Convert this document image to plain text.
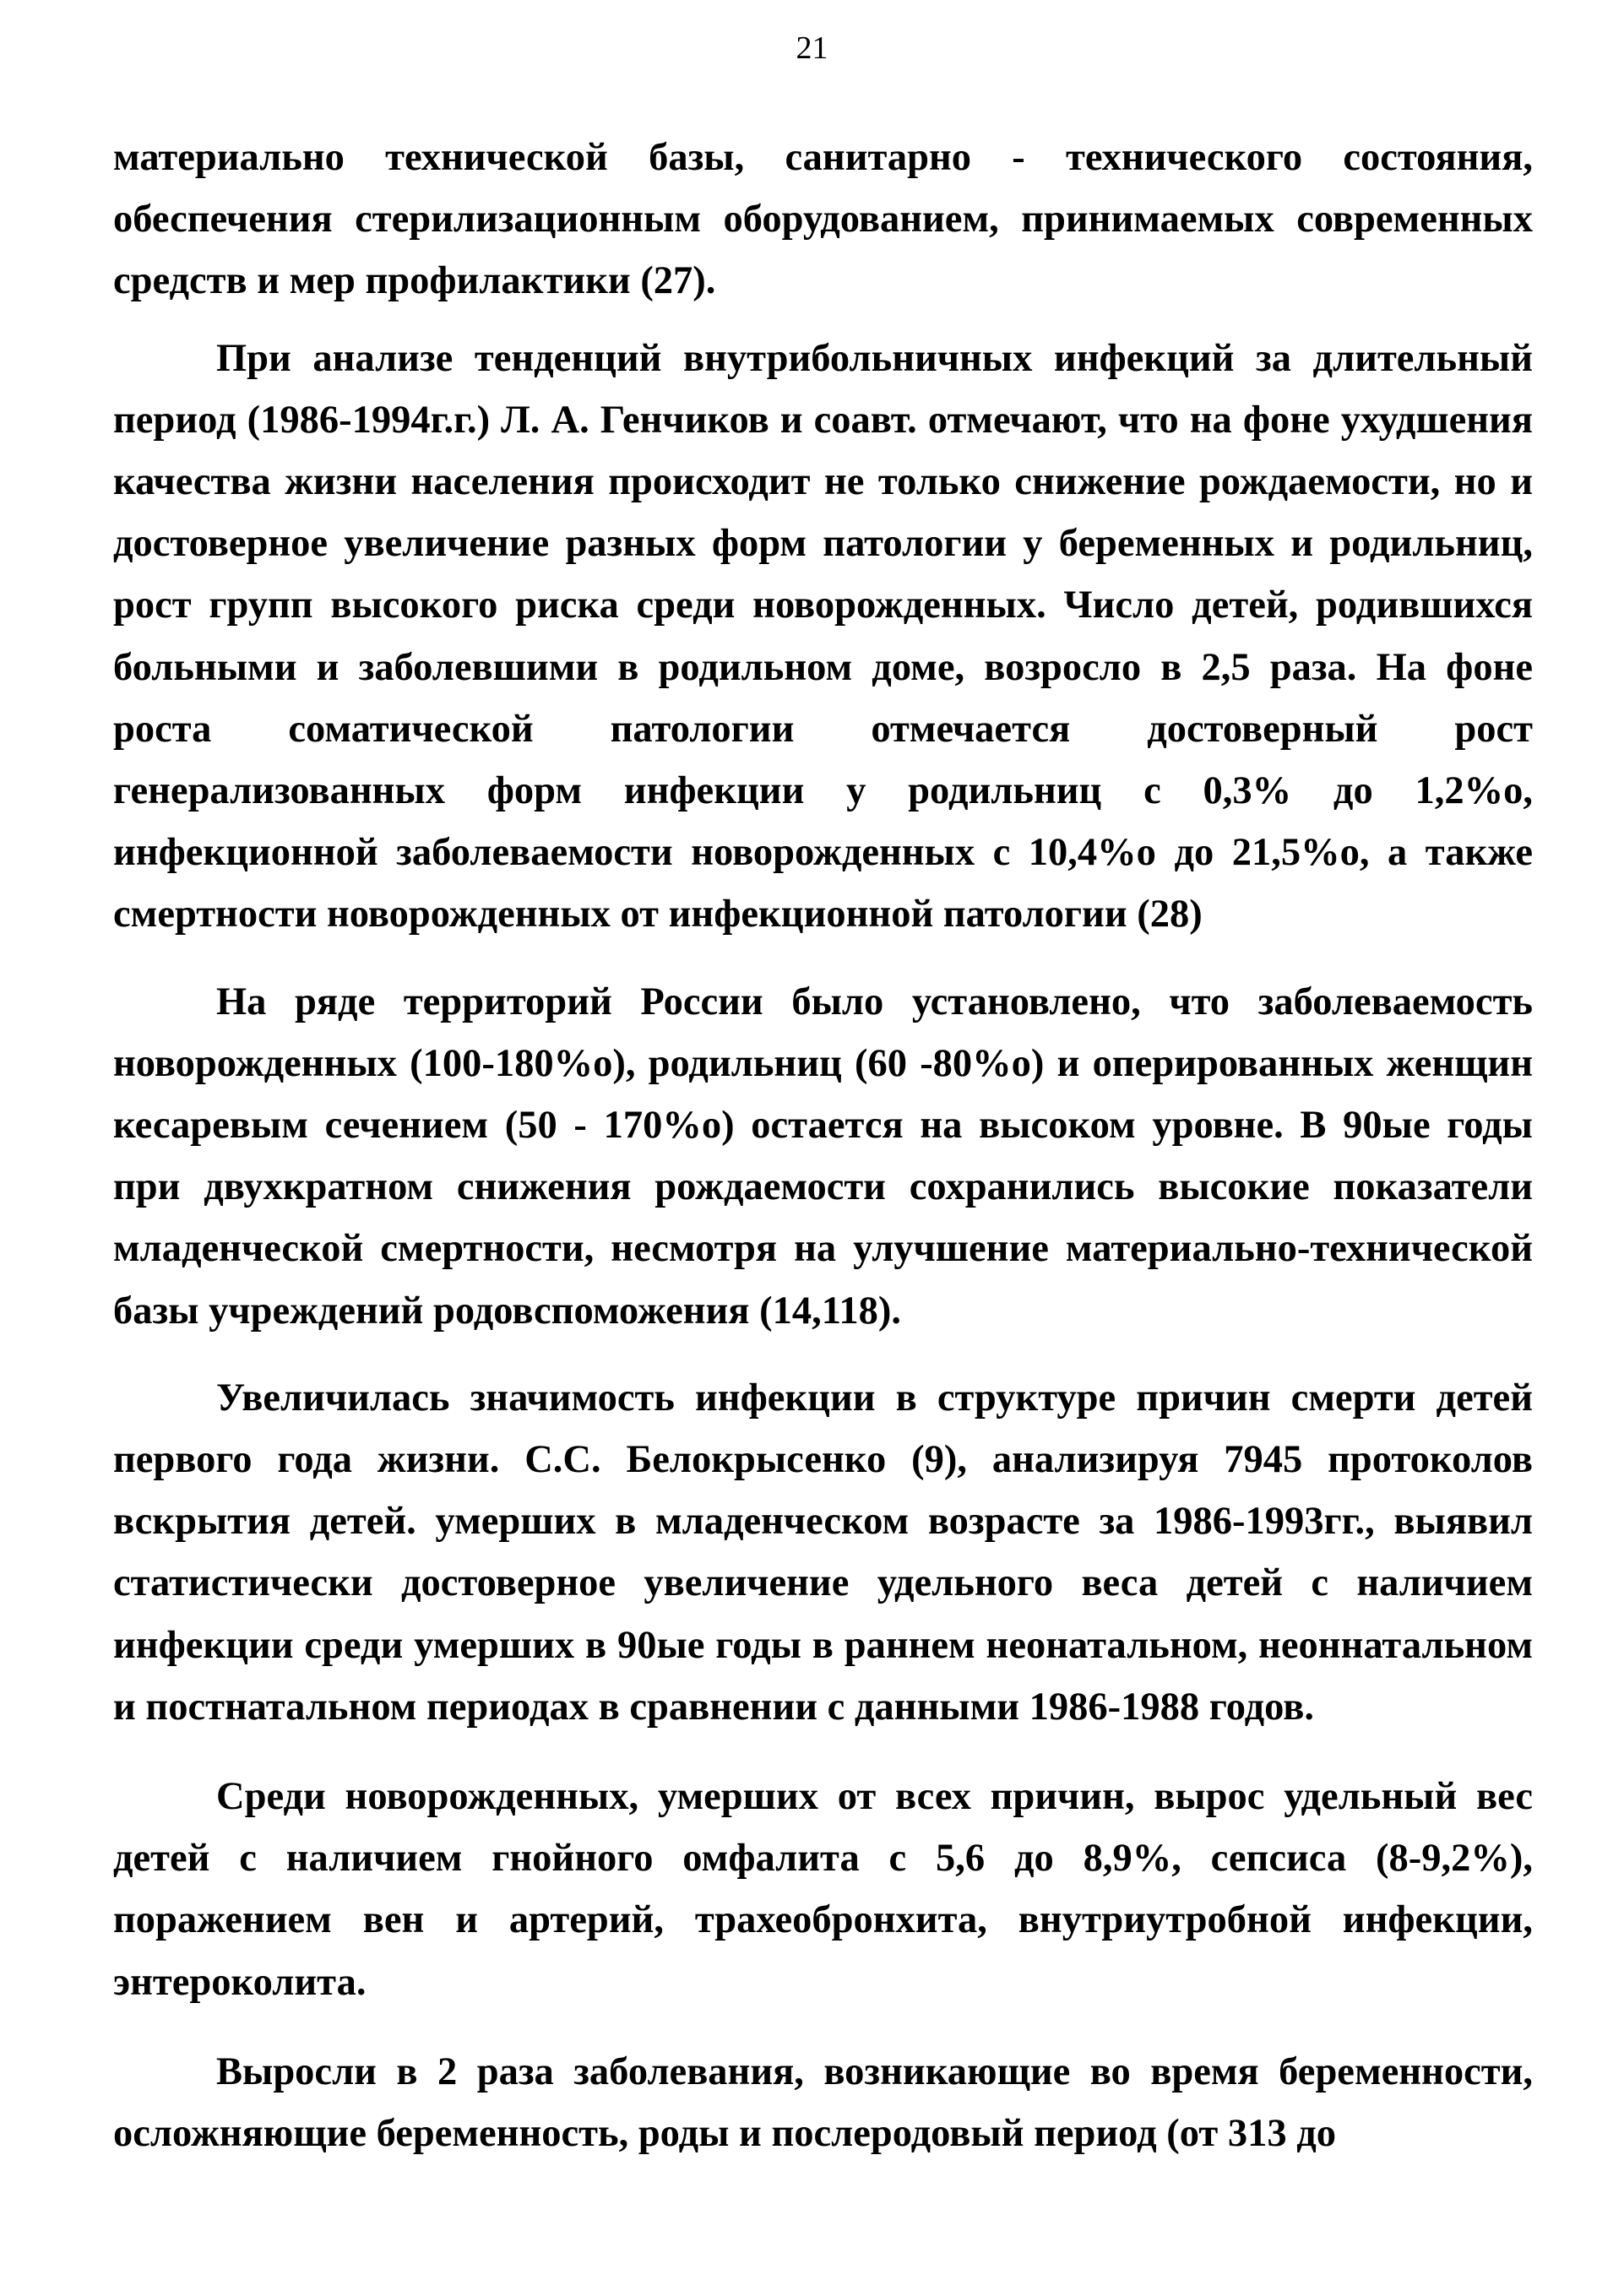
21

материально технической базы, санитарно - технического состояния, обеспечения стерилизационным оборудованием, принимаемых современных средств и мер профилактики (27).

При анализе тенденций внутрибольничных инфекций за длительный период (1986-1994г.г.) Л. А. Генчиков и соавт. отмечают, что на фоне ухудшения качества жизни населения происходит не только снижение рождаемости, но и достоверное увеличение разных форм патологии у беременных и родильниц, рост групп высокого риска среди новорожденных. Число детей, родившихся больными и заболевшими в родильном доме, возросло в 2,5 раза. На фоне роста соматической патологии отмечается достоверный рост генерализованных форм инфекции у родильниц с 0,3% до 1,2%о, инфекционной заболеваемости новорожденных с 10,4%о до 21,5%о, а также смертности новорожденных от инфекционной патологии (28)

На ряде территорий России было установлено, что заболеваемость новорожденных (100-180%о), родильниц (60 -80%о) и оперированных женщин кесаревым сечением (50 - 170%о) остается на высоком уровне. В 90ые годы при двухкратном снижения рождаемости сохранились высокие показатели младенческой смертности, несмотря на улучшение материально-технической базы учреждений родовспоможения (14,118).

Увеличилась значимость инфекции в структуре причин смерти детей первого года жизни. С.С. Белокрысенко (9), анализируя 7945 протоколов вскрытия детей. умерших в младенческом возрасте за 1986-1993гг., выявил статистически достоверное увеличение удельного веса детей с наличием инфекции среди умерших в 90ые годы в раннем неонатальном, неоннатальном и постнатальном периодах в сравнении с данными 1986-1988 годов.

Среди новорожденных, умерших от всех причин, вырос удельный вес детей с наличием гнойного омфалита с 5,6 до 8,9%, сепсиса (8-9,2%), поражением вен и артерий, трахеобронхита, внутриутробной инфекции, энтероколита.

Выросли в 2 раза заболевания, возникающие во время беременности, осложняющие беременность, роды и послеродовый период (от 313 до
